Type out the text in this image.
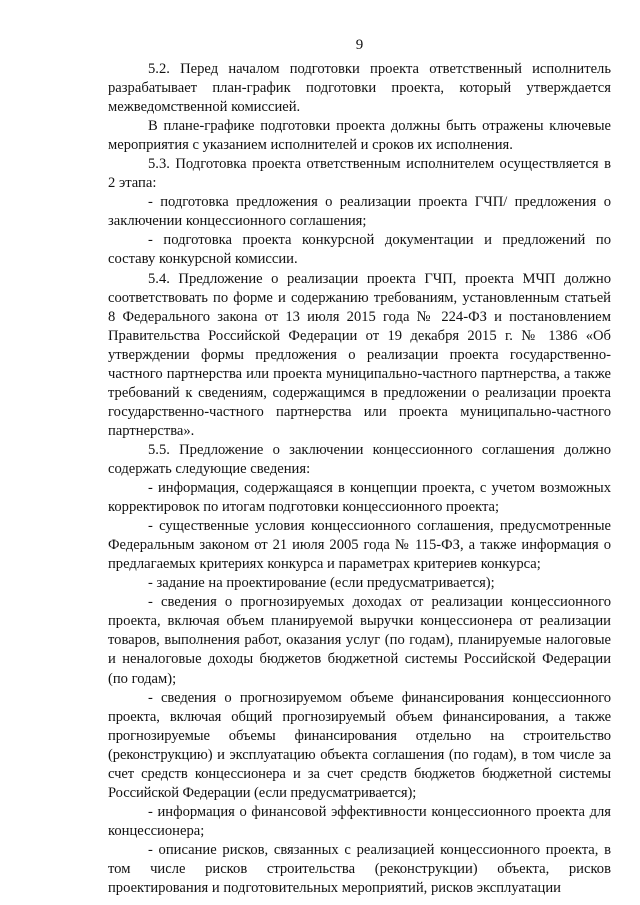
9

5.2. Перед началом подготовки проекта ответственный исполнитель разрабатывает план-график подготовки проекта, который утверждается межведомственной комиссией.

В плане-графике подготовки проекта должны быть отражены ключевые мероприятия с указанием исполнителей и сроков их исполнения.

5.3. Подготовка проекта ответственным исполнителем осуществляется в 2 этапа:

- подготовка предложения о реализации проекта ГЧП/ предложения о заключении концессионного соглашения;

- подготовка проекта конкурсной документации и предложений по составу конкурсной комиссии.

5.4. Предложение о реализации проекта ГЧП, проекта МЧП должно соответствовать по форме и содержанию требованиям, установленным статьей 8 Федерального закона от 13 июля 2015 года № 224-ФЗ и постановлением Правительства Российской Федерации от 19 декабря 2015 г. № 1386 «Об утверждении формы предложения о реализации проекта государственно-частного партнерства или проекта муниципально-частного партнерства, а также требований к сведениям, содержащимся в предложении о реализации проекта государственно-частного партнерства или проекта муниципально-частного партнерства».

5.5. Предложение о заключении концессионного соглашения должно содержать следующие сведения:

- информация, содержащаяся в концепции проекта, с учетом возможных корректировок по итогам подготовки концессионного проекта;

- существенные условия концессионного соглашения, предусмотренные Федеральным законом от 21 июля 2005 года № 115-ФЗ, а также информация о предлагаемых критериях конкурса и параметрах критериев конкурса;

- задание на проектирование (если предусматривается);

- сведения о прогнозируемых доходах от реализации концессионного проекта, включая объем планируемой выручки концессионера от реализации товаров, выполнения работ, оказания услуг (по годам), планируемые налоговые и неналоговые доходы бюджетов бюджетной системы Российской Федерации (по годам);

- сведения о прогнозируемом объеме финансирования концессионного проекта, включая общий прогнозируемый объем финансирования, а также прогнозируемые объемы финансирования отдельно на строительство (реконструкцию) и эксплуатацию объекта соглашения (по годам), в том числе за счет средств концессионера и за счет средств бюджетов бюджетной системы Российской Федерации (если предусматривается);

- информация о финансовой эффективности концессионного проекта для концессионера;

- описание рисков, связанных с реализацией концессионного проекта, в том числе рисков строительства (реконструкции) объекта, рисков проектирования и подготовительных мероприятий, рисков эксплуатации
